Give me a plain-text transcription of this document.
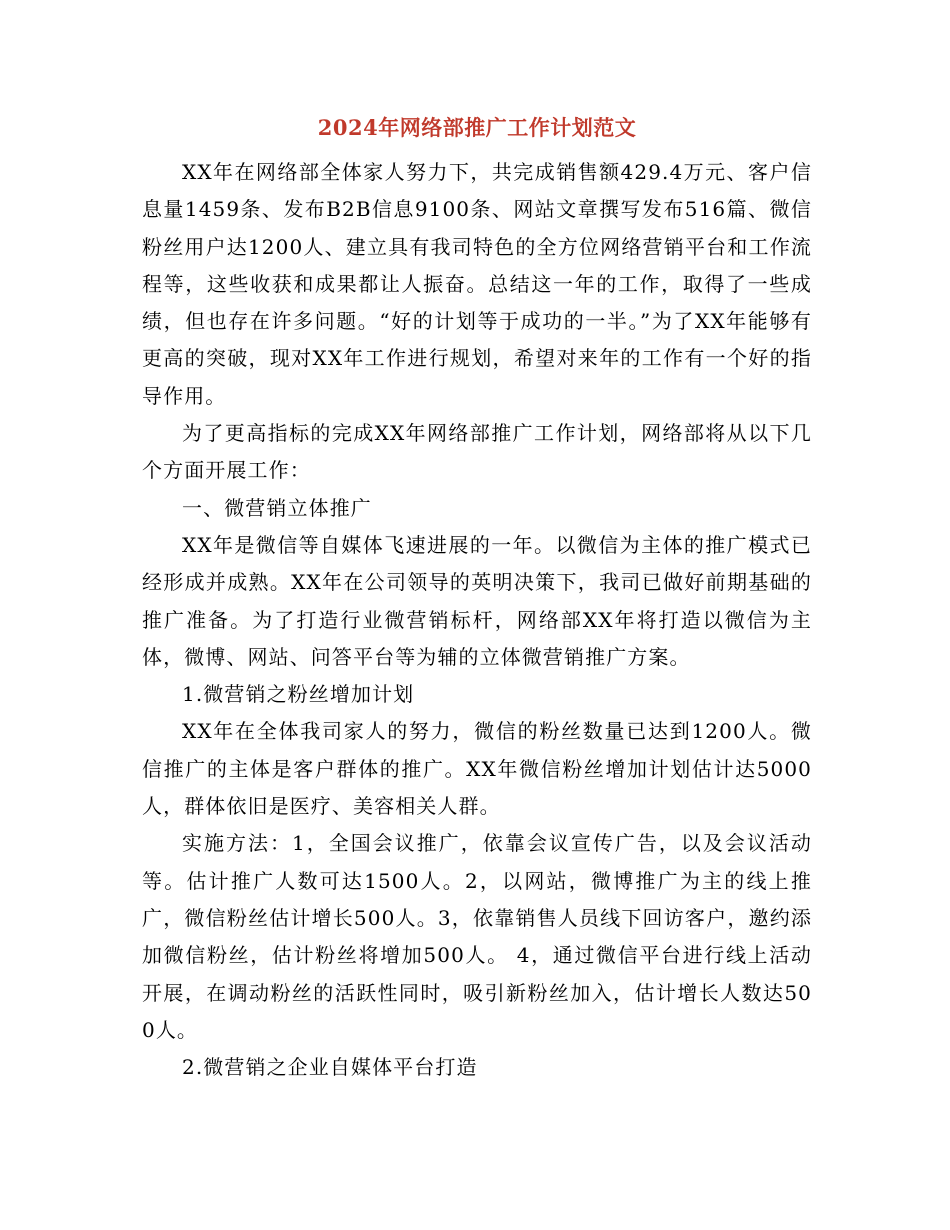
2024年网络部推广工作计划范文

XX年在网络部全体家人努力下，共完成销售额429.4万元、客户信息量1459条、发布B2B信息9100条、网站文章撰写发布516篇、微信粉丝用户达1200人、建立具有我司特色的全方位网络营销平台和工作流程等，这些收获和成果都让人振奋。总结这一年的工作，取得了一些成绩，但也存在许多问题。“好的计划等于成功的一半。”为了XX年能够有更高的突破，现对XX年工作进行规划，希望对来年的工作有一个好的指导作用。

为了更高指标的完成XX年网络部推广工作计划，网络部将从以下几个方面开展工作：

一、微营销立体推广

XX年是微信等自媒体飞速进展的一年。以微信为主体的推广模式已经形成并成熟。XX年在公司领导的英明决策下，我司已做好前期基础的推广准备。为了打造行业微营销标杆，网络部XX年将打造以微信为主体，微博、网站、问答平台等为辅的立体微营销推广方案。

1.微营销之粉丝增加计划

XX年在全体我司家人的努力，微信的粉丝数量已达到1200人。微信推广的主体是客户群体的推广。XX年微信粉丝增加计划估计达5000人，群体依旧是医疗、美容相关人群。

实施方法：1，全国会议推广，依靠会议宣传广告，以及会议活动等。估计推广人数可达1500人。2，以网站，微博推广为主的线上推广，微信粉丝估计增长500人。3，依靠销售人员线下回访客户，邀约添加微信粉丝，估计粉丝将增加500人。 4，通过微信平台进行线上活动开展，在调动粉丝的活跃性同时，吸引新粉丝加入，估计增长人数达500人。

2.微营销之企业自媒体平台打造
